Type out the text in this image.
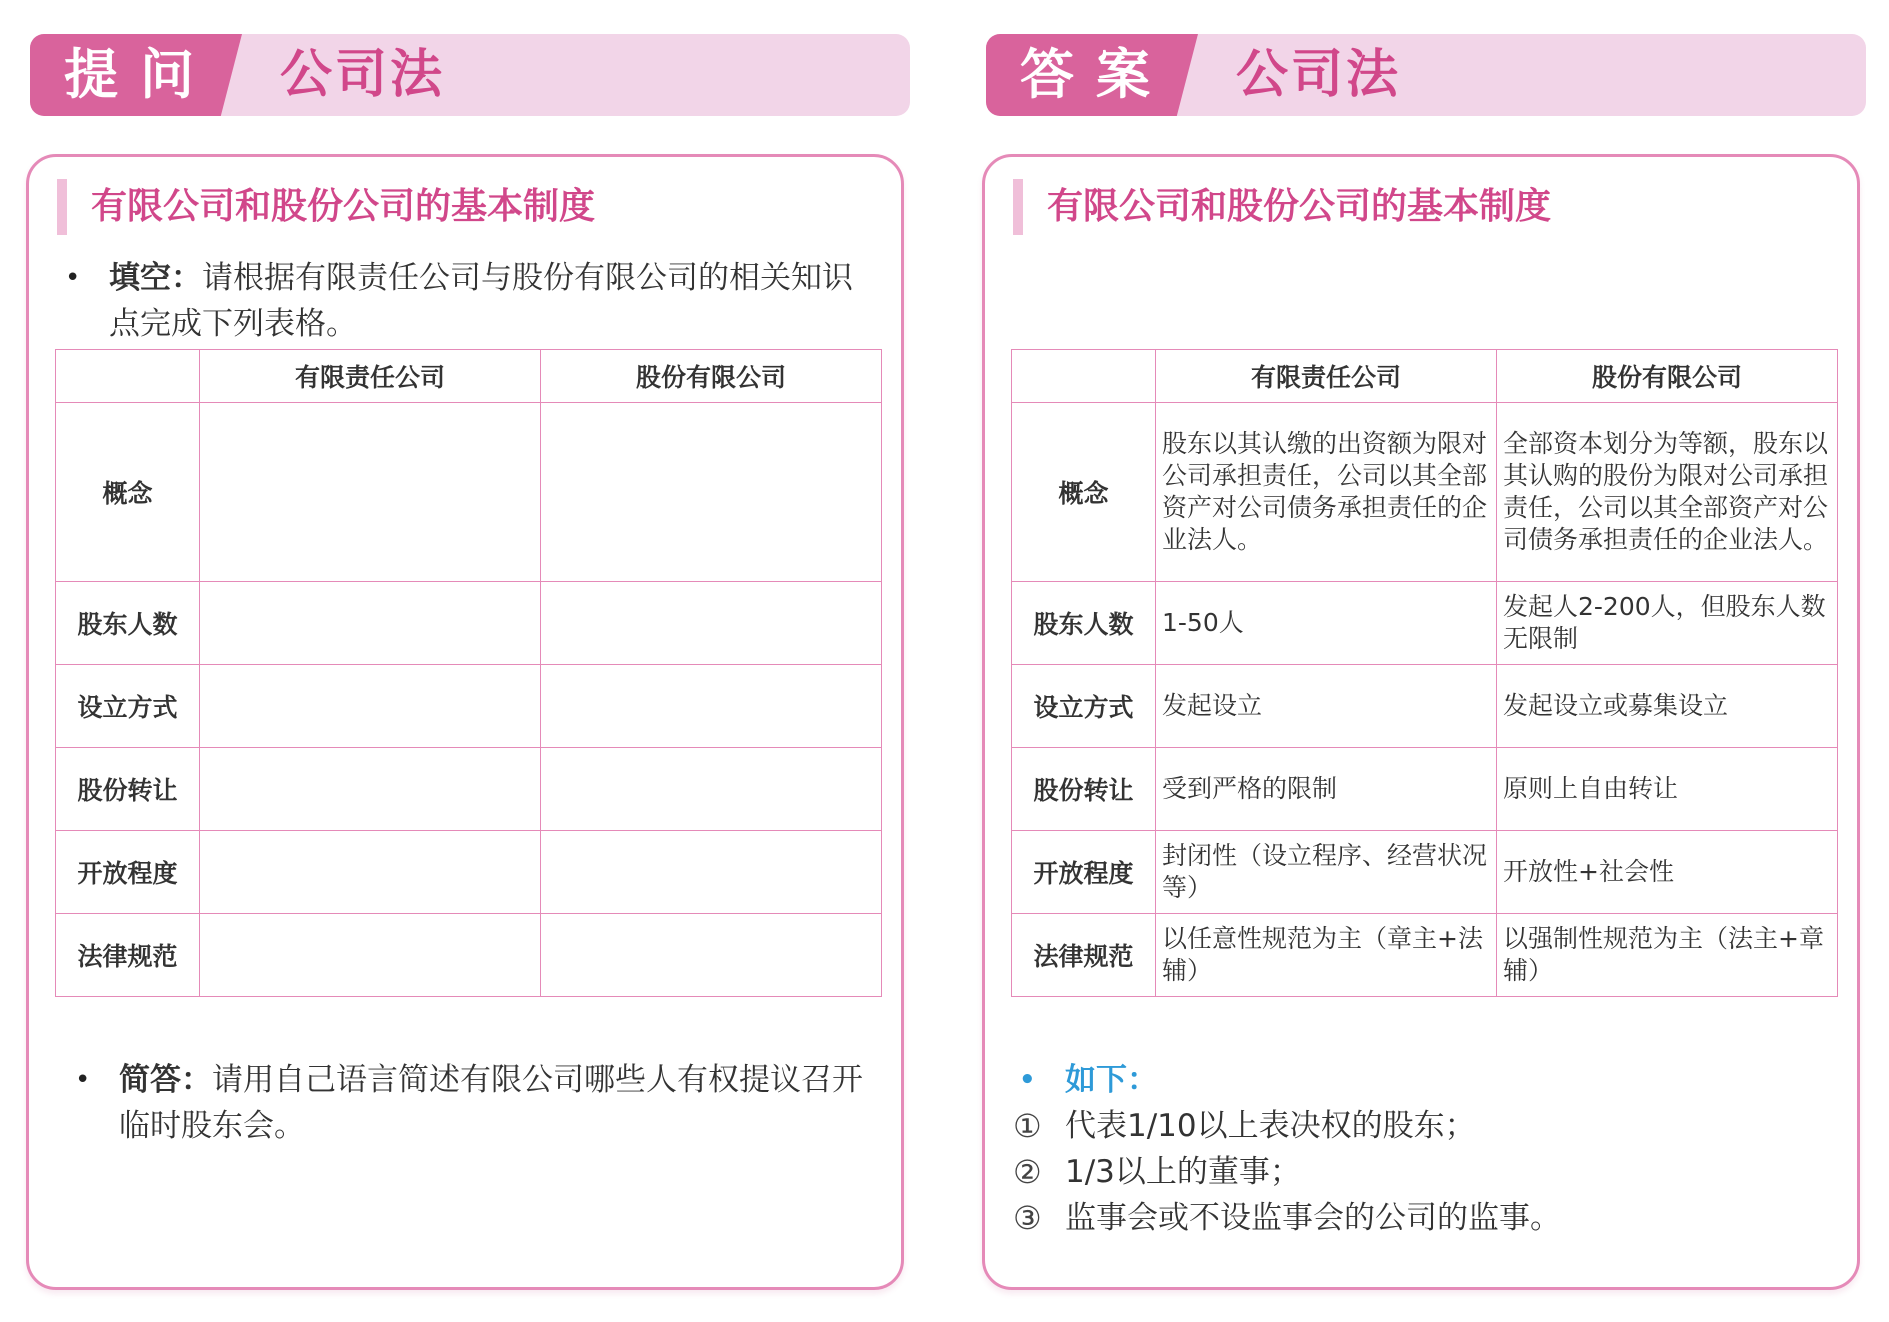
提问 公司法
有限公司和股份公司的基本制度
• 填空：请根据有限责任公司与股份有限公司的相关知识
点完成下列表格。
	有限责任公司	股份有限公司
概念		
股东人数		
设立方式		
股份转让		
开放程度		
法律规范		
• 简答：请用自己语言简述有限公司哪些人有权提议召开
临时股东会。
答案 公司法
有限公司和股份公司的基本制度
	有限责任公司	股份有限公司
概念	股东以其认缴的出资额为限对公司承担责任，公司以其全部资产对公司债务承担责任的企业法人。	全部资本划分为等额，股东以其认购的股份为限对公司承担责任，公司以其全部资产对公司债务承担责任的企业法人。
股东人数	1-50人	发起人2-200人，但股东人数无限制
设立方式	发起设立	发起设立或募集设立
股份转让	受到严格的限制	原则上自由转让
开放程度	封闭性（设立程序、经营状况等）	开放性+社会性
法律规范	以任意性规范为主（章主+法辅）	以强制性规范为主（法主+章辅）
• 如下：
① 代表1/10以上表决权的股东；
② 1/3以上的董事；
③ 监事会或不设监事会的公司的监事。
